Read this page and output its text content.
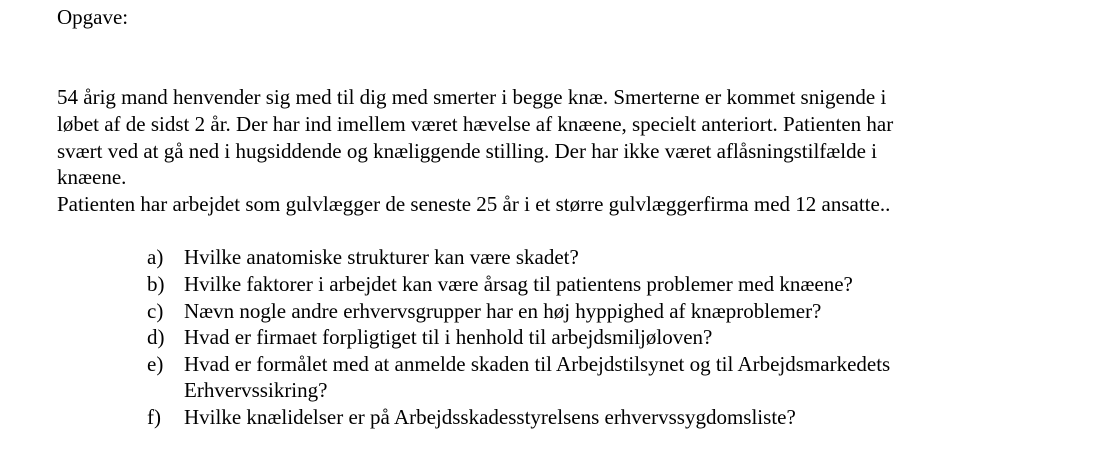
Opgave:
54 årig mand henvender sig med til dig med smerter i begge knæ. Smerterne er kommet snigende i
løbet af de sidst 2 år. Der har ind imellem været hævelse af knæene, specielt anteriort. Patienten har
svært ved at gå ned i hugsiddende og knæliggende stilling. Der har ikke været aflåsningstilfælde i
knæene.
Patienten har arbejdet som gulvlægger de seneste 25 år i et større gulvlæggerfirma med 12 ansatte..
a) Hvilke anatomiske strukturer kan være skadet?
b) Hvilke faktorer i arbejdet kan være årsag til patientens problemer med knæene?
c) Nævn nogle andre erhvervsgrupper har en høj hyppighed af knæproblemer?
d) Hvad er firmaet forpligtiget til i henhold til arbejdsmiljøloven?
e) Hvad er formålet med at anmelde skaden til Arbejdstilsynet og til Arbejdsmarkedets
Erhvervssikring?
f) Hvilke knælidelser er på Arbejdsskadesstyrelsens erhvervssygdomsliste?
